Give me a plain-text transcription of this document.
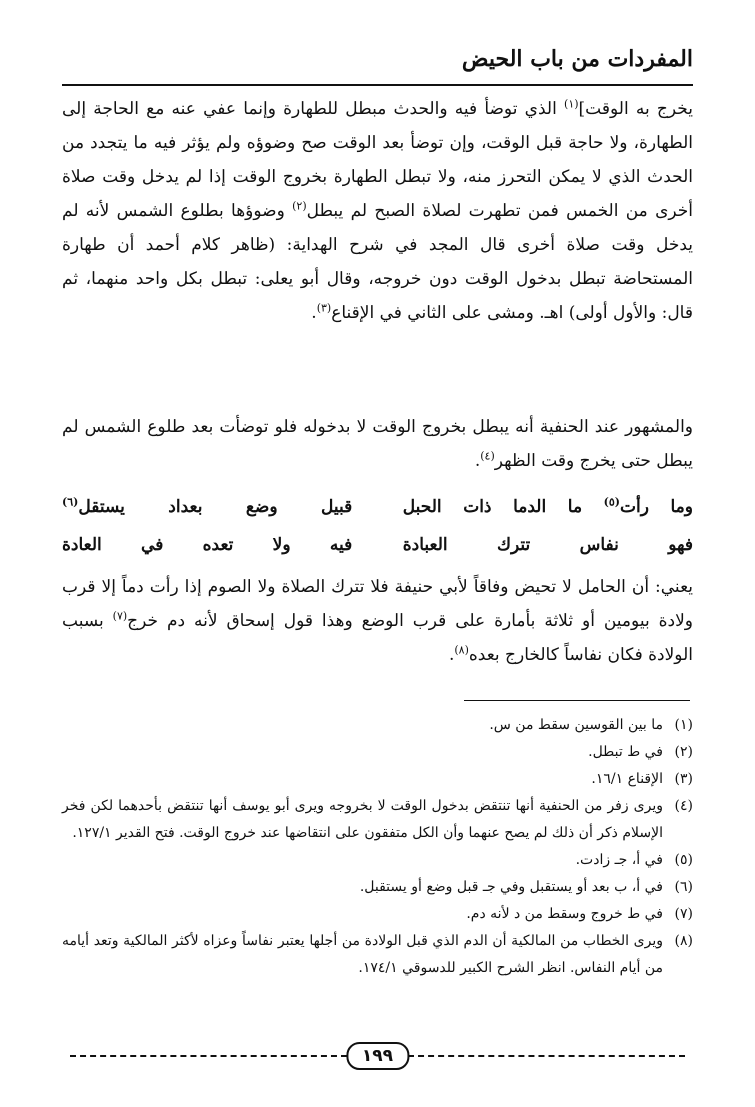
المفردات من باب الحيض
يخرج به الوقت]$^{(١)}$ الذي توضأ فيه والحدث مبطل للطهارة وإنما عفي عنه مع الحاجة إلى الطهارة، ولا حاجة قبل الوقت، وإن توضأ بعد الوقت صح وضوؤه ولم يؤثر فيه ما يتجدد من الحدث الذي لا يمكن التحرز منه، ولا تبطل الطهارة بخروج الوقت إذا لم يدخل وقت صلاة أخرى من الخمس فمن تطهرت لصلاة الصبح لم يبطل$^{(٢)}$ وضوؤها بطلوع الشمس لأنه لم يدخل وقت صلاة أخرى قال المجد في شرح الهداية: (ظاهر كلام أحمد أن طهارة المستحاضة تبطل بدخول الوقت دون خروجه، وقال أبو يعلى: تبطل بكل واحد منهما، ثم قال: والأول أولى) اهـ. ومشى على الثاني في الإقناع$^{(٣)}$.
والمشهور عند الحنفية أنه يبطل بخروج الوقت لا بدخوله فلو توضأت بعد طلوع الشمس لم يبطل حتى يخرج وقت الظهر$^{(٤)}$.
وما رأت$^{(٥)}$ ما الدما ذات الحبل
قبيل وضع بعداد يستقل$^{(٦)}$
فهو نفاس تترك العبادة
فيه ولا تعده في العادة
يعني: أن الحامل لا تحيض وفاقاً لأبي حنيفة فلا تترك الصلاة ولا الصوم إذا رأت دماً إلا قرب ولادة بيومين أو ثلاثة بأمارة على قرب الوضع وهذا قول إسحاق لأنه دم خرج$^{(٧)}$ بسبب الولادة فكان نفاساً كالخارج بعده$^{(٨)}$.
(١)
ما بين القوسين سقط من س.
(٢)
في ط تبطل.
(٣)
الإقناع ١٦/١.
(٤)
ويرى زفر من الحنفية أنها تنتقض بدخول الوقت لا بخروجه ويرى أبو يوسف أنها تنتقض بأحدهما لكن فخر الإسلام ذكر أن ذلك لم يصح عنهما وأن الكل متفقون على انتقاضها عند خروج الوقت. فتح القدير ١٢٧/١.
(٥)
في أ، جـ زادت.
(٦)
في أ، ب بعد أو يستقبل وفي جـ قبل وضع أو يستقبل.
(٧)
في ط خروج وسقط من د لأنه دم.
(٨)
ويرى الخطاب من المالكية أن الدم الذي قبل الولادة من أجلها يعتبر نفاساً وعزاه لأكثر المالكية وتعد أيامه من أيام النفاس. انظر الشرح الكبير للدسوقي ١٧٤/١.
١٩٩
